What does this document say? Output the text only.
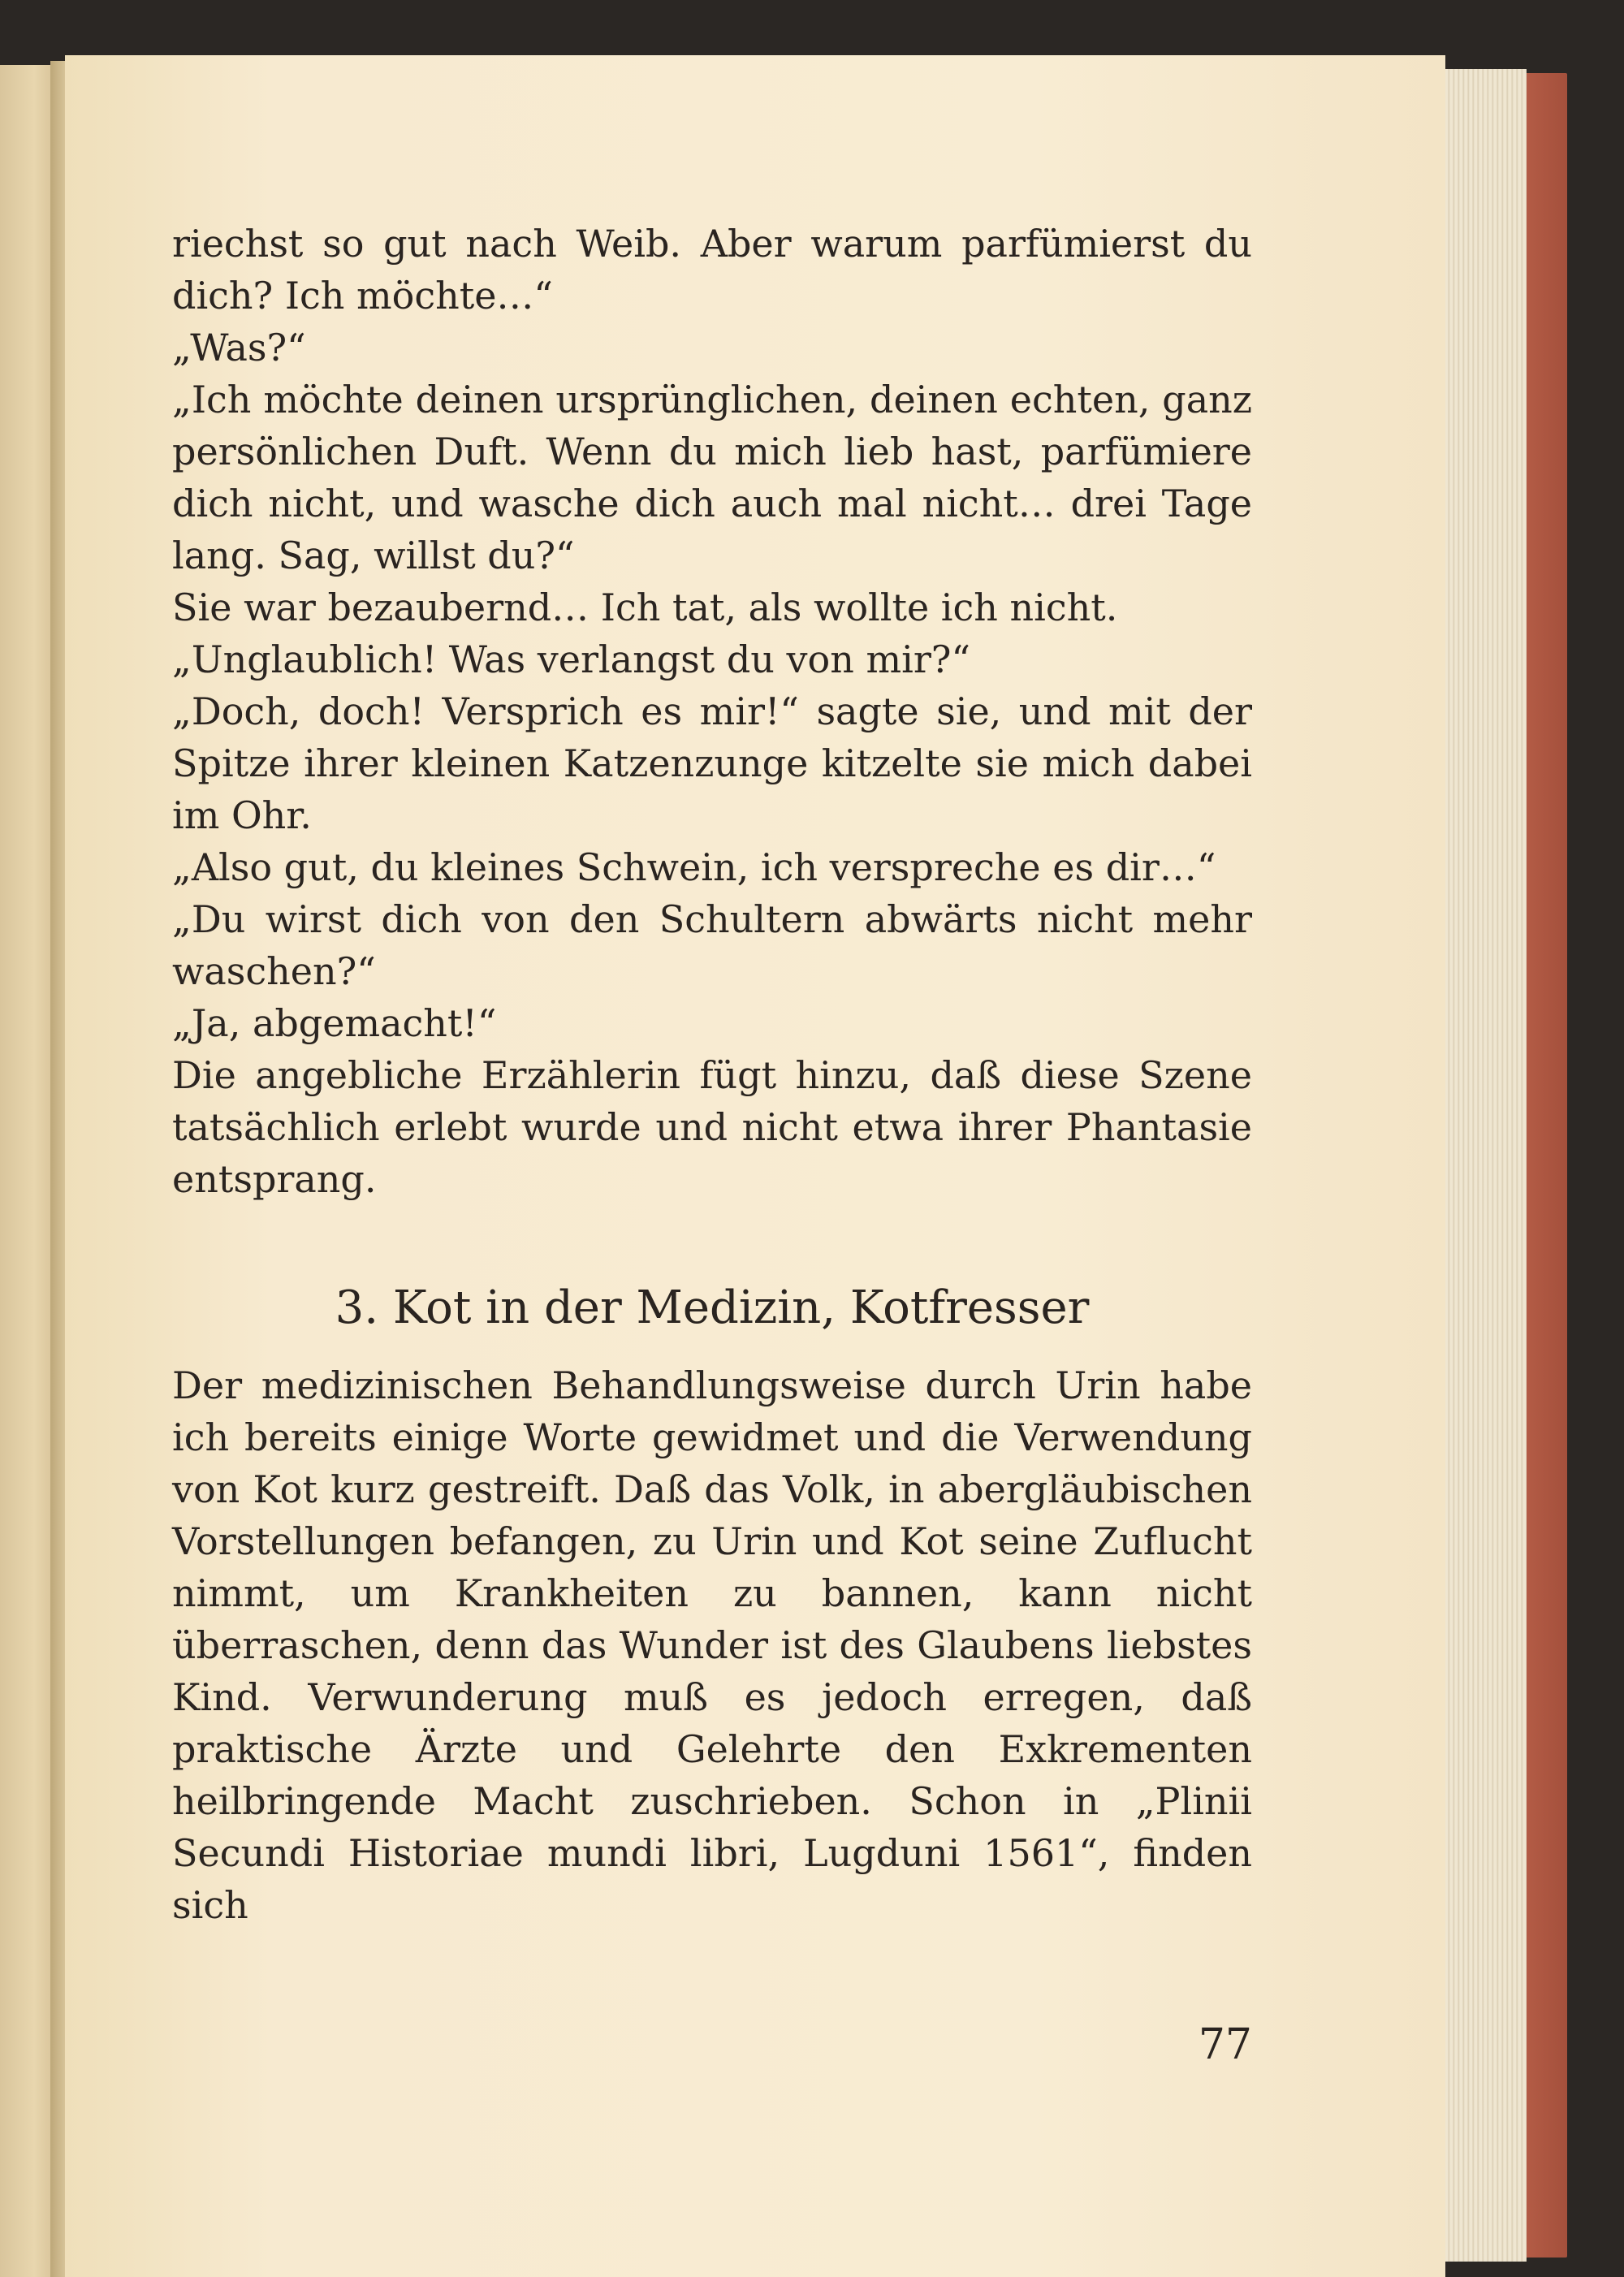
riechst so gut nach Weib. Aber warum parfümierst du dich? Ich möchte…“

„Was?“

„Ich möchte deinen ursprünglichen, deinen echten, ganz persönlichen Duft. Wenn du mich lieb hast, parfümiere dich nicht, und wasche dich auch mal nicht… drei Tage lang. Sag, willst du?“

Sie war bezaubernd… Ich tat, als wollte ich nicht.

„Unglaublich! Was verlangst du von mir?“

„Doch, doch! Versprich es mir!“ sagte sie, und mit der Spitze ihrer kleinen Katzenzunge kitzelte sie mich dabei im Ohr.

„Also gut, du kleines Schwein, ich verspreche es dir…“

„Du wirst dich von den Schultern abwärts nicht mehr waschen?“

„Ja, abgemacht!“

Die angebliche Erzählerin fügt hinzu, daß diese Szene tatsächlich erlebt wurde und nicht etwa ihrer Phantasie entsprang.

3. Kot in der Medizin, Kotfresser

Der medizinischen Behandlungsweise durch Urin habe ich bereits einige Worte gewidmet und die Verwendung von Kot kurz gestreift. Daß das Volk, in abergläubischen Vorstellungen befangen, zu Urin und Kot seine Zuflucht nimmt, um Krankheiten zu bannen, kann nicht überraschen, denn das Wunder ist des Glaubens liebstes Kind. Verwunderung muß es jedoch erregen, daß praktische Ärzte und Gelehrte den Exkrementen heilbringende Macht zuschrieben. Schon in „Plinii Secundi Historiae mundi libri, Lugduni 1561“, finden sich

77
